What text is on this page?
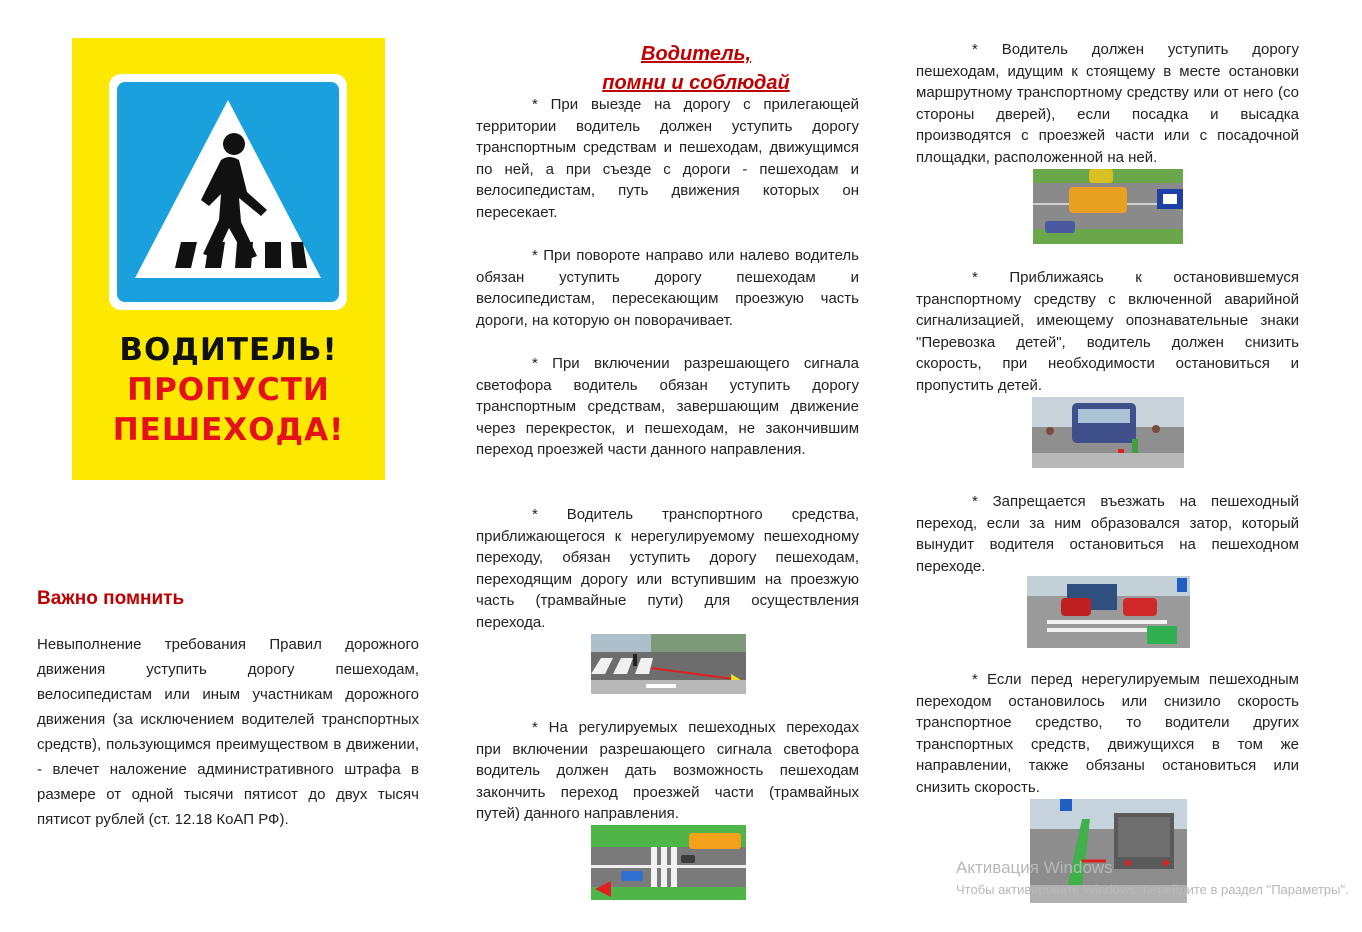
ВОДИТЕЛЬ!
ПРОПУСТИ
ПЕШЕХОДА!
Важно помнить
Невыполнение требования Правил дорожного движения уступить дорогу пешеходам, велосипедистам или иным участникам дорожного движения (за исключением водителей транспортных средств), пользующимся преимуществом в движении, - влечет наложение административного штрафа в размере от одной тысячи пятисот до двух тысяч пятисот рублей (ст. 12.18 КоАП РФ).
Водитель,
помни и соблюдай

* При выезде на дорогу с прилегающей территории водитель должен уступить дорогу транспортным средствам и пешеходам, движущимся по ней, а при съезде с дороги - пешеходам и велосипедистам, путь движения которых он пересекает.

* При повороте направо или налево водитель обязан уступить дорогу пешеходам и велосипедистам, пересекающим проезжую часть дороги, на которую он поворачивает.

* При включении разрешающего сигнала светофора водитель обязан уступить дорогу транспортным средствам, завершающим движение через перекресток, и пешеходам, не закончившим переход проезжей части данного направления.

* Водитель транспортного средства, приближающегося к нерегулируемому пешеходному переходу, обязан уступить дорогу пешеходам, переходящим дорогу или вступившим на проезжую часть (трамвайные пути) для осуществления перехода.

* На регулируемых пешеходных переходах при включении разрешающего сигнала светофора водитель должен дать возможность пешеходам закончить переход проезжей части (трамвайных путей) данного направления.

* Водитель должен уступить дорогу пешеходам, идущим к стоящему в месте остановки маршрутному транспортному средству или от него (со стороны дверей), если посадка и высадка производятся с проезжей части или с посадочной площадки, расположенной на ней.

* Приближаясь к остановившемуся транспортному средству с включенной аварийной сигнализацией, имеющему опознавательные знаки "Перевозка детей", водитель должен снизить скорость, при необходимости остановиться и пропустить детей.

* Запрещается въезжать на пешеходный переход, если за ним образовался затор, который вынудит водителя остановиться на пешеходном переходе.

* Если перед нерегулируемым пешеходным переходом остановилось или снизило скорость транспортное средство, то водители других транспортных средств, движущихся в том же направлении, также обязаны остановиться или снизить скорость.

Активация Windows
Чтобы активировать Windows, перейдите в раздел "Параметры".
